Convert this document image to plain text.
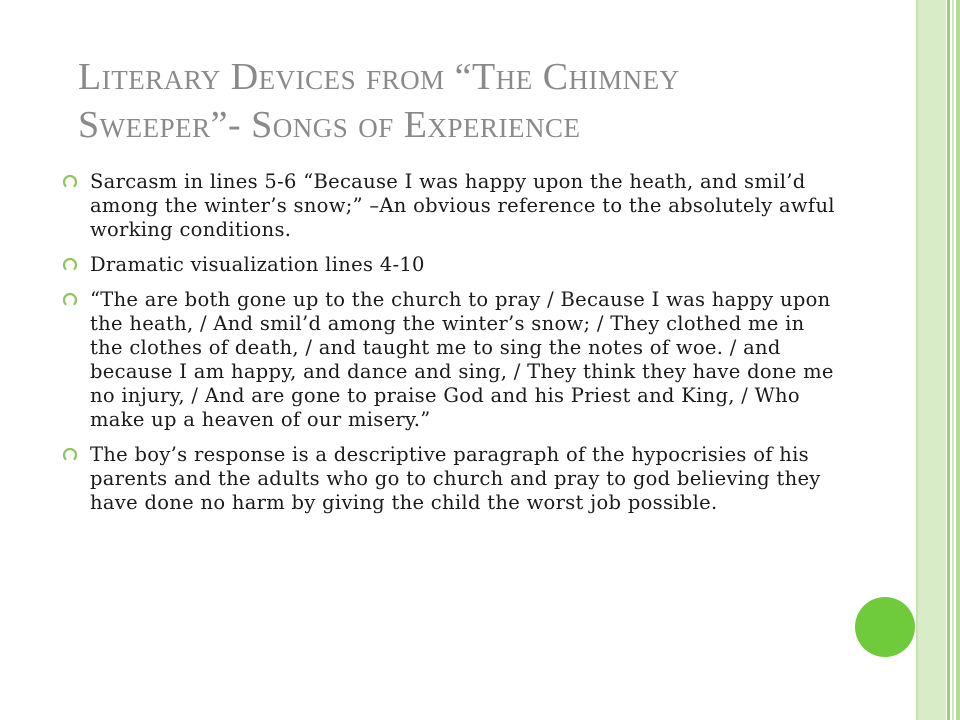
Literary Devices from “The Chimney
Sweeper”- Songs of Experience
Sarcasm in lines 5-6 “Because I was happy upon the heath, and smil’d among the winter’s snow;” –An obvious reference to the absolutely awful working conditions.
Dramatic visualization lines 4-10
“The are both gone up to the church to pray / Because I was happy upon the heath, / And smil’d among the winter’s snow; / They clothed me in the clothes of death, / and taught me to sing the notes of woe. / and because I am happy, and dance and sing, / They think they have done me no injury, / And are gone to praise God and his Priest and King, / Who make up a heaven of our misery.”
The boy’s response is a descriptive paragraph of the hypocrisies of his parents and the adults who go to church and pray to god believing they have done no harm by giving the child the worst job possible.
